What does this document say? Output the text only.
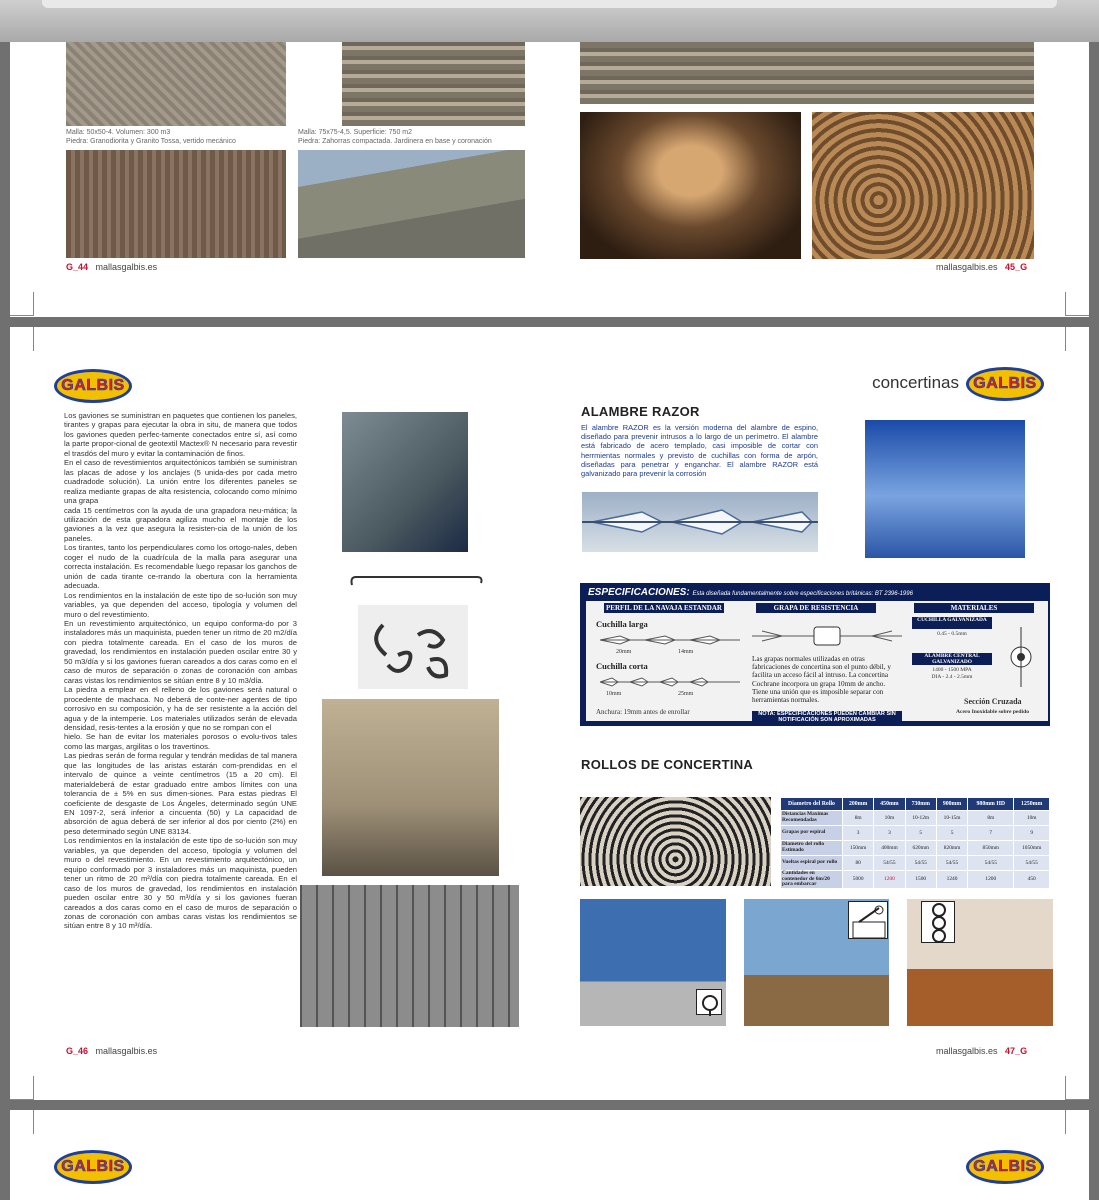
Malla: 50x50-4. Volumen: 300 m3
Piedra: Granodiorita y Granito Tossa, vertido mecánico
Malla: 75x75-4,5. Superficie: 750 m2
Piedra: Zahorras compactada. Jardinera en base y coronación
G_44 mallasgalbis.es	mallasgalbis.es 45_G
GALBIS

Los gaviones se suministran en paquetes que contienen los paneles, tirantes y grapas para ejecutar la obra in situ, de manera que todos los gaviones queden perfec-tamente conectados entre sí, así como la parte propor-cional de geotextil Mactex® N necesario para revestir el trasdós del muro y evitar la contaminación de finos.

En el caso de revestimientos arquitectónicos también se suministran las placas de adose y los anclajes (5 unida-des por cada metro cuadradode solución). La unión entre los diferentes paneles se realiza mediante grapas de alta resistencia, colocando como mínimo una grapa

cada 15 centímetros con la ayuda de una grapadora neu-mática; la utilización de esta grapadora agiliza mucho el montaje de los gaviones a la vez que asegura la resisten-cia de la unión de los paneles.

Los tirantes, tanto los perpendiculares como los ortogo-nales, deben coger el nudo de la cuadrícula de la malla para asegurar una correcta instalación. Es recomendable luego repasar los ganchos de unión de cada tirante ce-rrando la obertura con la herramienta adecuada.

Los rendimientos en la instalación de este tipo de so-lución son muy variables, ya que dependen del acceso, tipología y volumen del muro o del revestimiento.

En un revestimiento arquitectónico, un equipo conforma-do por 3 instaladores más un maquinista, pueden tener un ritmo de 20 m2/día con piedra totalmente careada. En el caso de los muros de gravedad, los rendimientos en instalación pueden oscilar entre 30 y 50 m3/día y si los gaviones fueran careados a dos caras como en el caso de muros de separación o zonas de coronación con ambas caras vistas los rendimientos se sitúan entre 8 y 10 m3/día.

La piedra a emplear en el relleno de los gaviones será natural o procedente de machaca. No deberá de conte-ner agentes de tipo corrosivo en su composición, y ha de ser resistente a la acción del agua y de la intemperie. Los materiales utilizados serán de elevada densidad, resis-tentes a la erosión y que no se rompan con el

hielo. Se han de evitar los materiales porosos o evolu-tivos tales como las margas, argilitas o los travertinos.

Las piedras serán de forma regular y tendrán medidas de tal manera que las longitudes de las aristas estarán com-prendidas en el intervalo de quince a veinte centímetros (15 a 20 cm). El materialdeberá de estar graduado entre ambos límites con una tolerancia de ± 5% en sus dimen-siones. Para estas piedras El coeficiente de desgaste de Los Ángeles, determinado según UNE EN 1097-2, será inferior a cincuenta (50) y La capacidad de absorción de agua deberá de ser inferior al dos por ciento (2%) en peso determinado según UNE 83134.

Los rendimientos en la instalación de este tipo de so-lución son muy variables, ya que dependen del acceso, tipología y volumen del muro o del revestimiento. En un revestimiento arquitectónico, un equipo conformado por 3 instaladores más un maquinista, pueden tener un ritmo de 20 m²/día con piedra totalmente careada. En el caso de los muros de gravedad, los rendimientos en instalación pueden oscilar entre 30 y 50 m³/día y si los gaviones fueran careados a dos caras como en el caso de muros de separación o zonas de coronación con ambas caras vistas los rendimientos se sitúan entre 8 y 10 m³/día.

G_46 mallasgalbis.es
concertinas GALBIS
ALAMBRE RAZOR
El alambre RAZOR es la versión moderna del alambre de espino, diseñado para prevenir intrusos a lo largo de un perímetro. El alambre está fabricado de acero templado, casi imposible de cortar con herrmientas normales y previsto de cuchillas con forma de arpón, diseñadas para penetrar y enganchar. El alambre RAZOR está galvanizado para prevenir la corrosión
ESPECIFICACIONES: Esta diseñada fundamentalmente sobre especificaciones británicas: BT 2396-1996
PERFIL DE LA NAVAJA ESTANDAR	GRAPA DE RESISTENCIA	MATERIALES
Cuchilla larga
20mm	14mm
Cuchilla corta
10mm	25mm
Anchura: 19mm antes de enrollar
Las grapas normales utilizadas en otras fabricaciones de concertina son el punto débil, y facilita un acceso fácil al intruso. La concertina Cochrane incorpora un grapa 10mm de ancho. Tiene una unión que es imposible separar con herramientas normales.
NOTA: ESPECIFICACIONES PUEDEN CAMBIAR SIN NOTIFICACIÓN SON APROXIMADAS
CUCHILLA GALVANIZADA
0.45 - 0.5mm
ALAMBRE CENTRAL GALVANIZADO
1400 - 1500 MPA
DIA - 2.4 - 2.5mm
Sección Cruzada
Acero Inoxidable sobre pedido
ROLLOS DE CONCERTINA
Diametro del Rollo	200mm	450mm	730mm	900mm	980mm HD	1250mm
Distancias Maximas Recomendadas	8m	10m	10-12m	10-15m	8m	10m
Grapas por espiral	3	3	5	5	7	9
Diametro del rollo Estimado	150mm	400mm	620mm	820mm	850mm	1050mm
Vueltas espiral por rollo	80	54/55	54/55	54/55	54/55	54/55
Cantidades en contenedor de 6m/20 para embarcar	5000	1200	1500	1240	1200	450
mallasgalbis.es 47_G
GALBIS	GALBIS
